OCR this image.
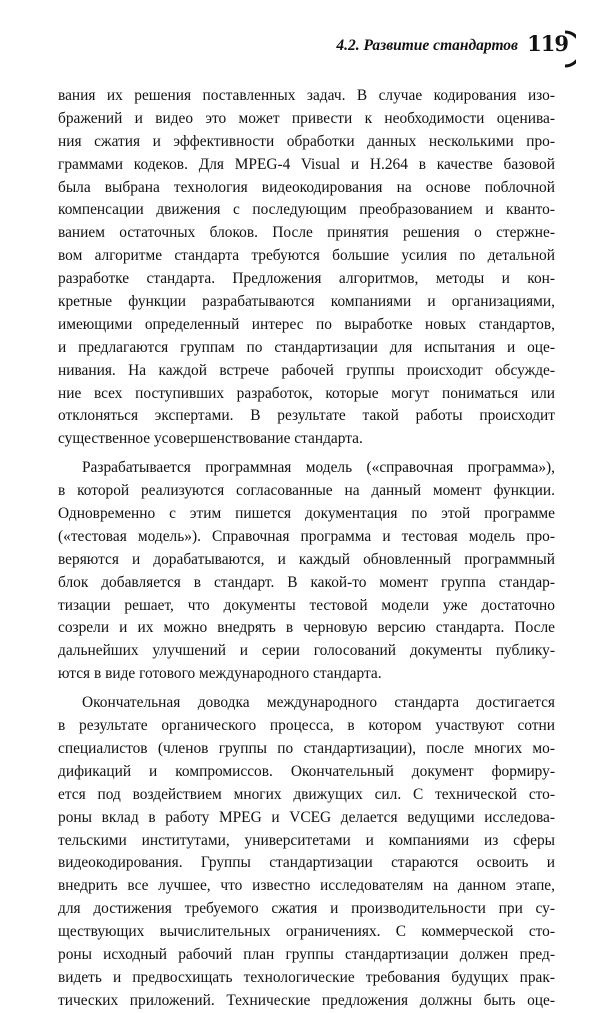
4.2. Развитие стандартов 119
вания их решения поставленных задач. В случае кодирования изо-
бражений и видео это может привести к необходимости оценива-
ния сжатия и эффективности обработки данных несколькими про-
граммами кодеков. Для MPEG-4 Visual и H.264 в качестве базовой
была выбрана технология видеокодирования на основе поблочной
компенсации движения с последующим преобразованием и кванто-
ванием остаточных блоков. После принятия решения о стержне-
вом алгоритме стандарта требуются большие усилия по детальной
разработке стандарта. Предложения алгоритмов, методы и кон-
кретные функции разрабатываются компаниями и организациями,
имеющими определенный интерес по выработке новых стандартов,
и предлагаются группам по стандартизации для испытания и оце-
нивания. На каждой встрече рабочей группы происходит обсужде-
ние всех поступивших разработок, которые могут пониматься или
отклоняться экспертами. В результате такой работы происходит
существенное усовершенствование стандарта.
Разрабатывается программная модель («справочная программа»),
в которой реализуются согласованные на данный момент функции.
Одновременно с этим пишется документация по этой программе
(«тестовая модель»). Справочная программа и тестовая модель про-
веряются и дорабатываются, и каждый обновленный программный
блок добавляется в стандарт. В какой-то момент группа стандар-
тизации решает, что документы тестовой модели уже достаточно
созрели и их можно внедрять в черновую версию стандарта. После
дальнейших улучшений и серии голосований документы публику-
ются в виде готового международного стандарта.
Окончательная доводка международного стандарта достигается
в результате органического процесса, в котором участвуют сотни
специалистов (членов группы по стандартизации), после многих мо-
дификаций и компромиссов. Окончательный документ формиру-
ется под воздействием многих движущих сил. С технической сто-
роны вклад в работу MPEG и VCEG делается ведущими исследова-
тельскими институтами, университетами и компаниями из сферы
видеокодирования. Группы стандартизации стараются освоить и
внедрить все лучшее, что известно исследователям на данном этапе,
для достижения требуемого сжатия и производительности при су-
ществующих вычислительных ограничениях. С коммерческой сто-
роны исходный рабочий план группы стандартизации должен пред-
видеть и предвосхищать технологические требования будущих прак-
тических приложений. Технические предложения должны быть оце-
